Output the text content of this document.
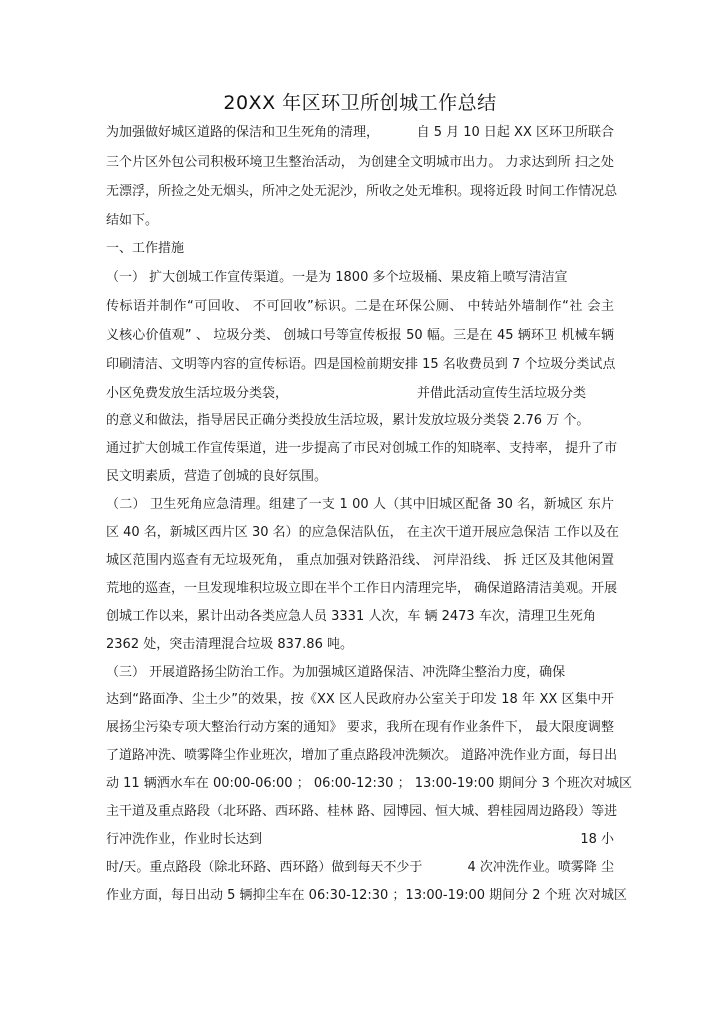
20XX 年区环卫所创城工作总结
为加强做好城区道路的保洁和卫生死角的清理，	自 5 月 10 日起 XX 区环卫所联合
三个片区外包公司积极环境卫生整治活动， 为创建全文明城市出力。 力求达到所 扫之处
无漂浮，所捡之处无烟头，所冲之处无泥沙，所收之处无堆积。现将近段 时间工作情况总
结如下。
一、工作措施
（一） 扩大创城工作宣传渠道。一是为 1800 多个垃圾桶、果皮箱上喷写清洁宣
传标语并制作“可回收、 不可回收”标识。二是在环保公厕、 中转站外墙制作“社 会主
义核心价值观” 、 垃圾分类、 创城口号等宣传板报 50 幅。三是在 45 辆环卫 机械车辆
印刷清洁、文明等内容的宣传标语。四是国检前期安排 15 名收费员到 7 个垃圾分类试点
小区免费发放生活垃圾分类袋，	并借此活动宣传生活垃圾分类
的意义和做法，指导居民正确分类投放生活垃圾，累计发放垃圾分类袋 2.76 万 个。
通过扩大创城工作宣传渠道，进一步提高了市民对创城工作的知晓率、支持率， 提升了市
民文明素质，营造了创城的良好氛围。
（二） 卫生死角应急清理。组建了一支 1 00 人（其中旧城区配备 30 名，新城区 东片
区 40 名，新城区西片区 30 名）的应急保洁队伍， 在主次干道开展应急保洁 工作以及在
城区范围内巡查有无垃圾死角， 重点加强对铁路沿线、 河岸沿线、 拆 迁区及其他闲置
荒地的巡查，一旦发现堆积垃圾立即在半个工作日内清理完毕， 确保道路清洁美观。开展
创城工作以来，累计出动各类应急人员 3331 人次，车 辆 2473 车次，清理卫生死角
2362 处，突击清理混合垃圾 837.86 吨。
（三） 开展道路扬尘防治工作。为加强城区道路保洁、冲洗降尘整治力度，确保
达到“路面净、尘土少”的效果，按《XX 区人民政府办公室关于印发 18 年 XX 区集中开
展扬尘污染专项大整治行动方案的通知》 要求，我所在现有作业条件下， 最大限度调整
了道路冲洗、喷雾降尘作业班次，增加了重点路段冲洗频次。 道路冲洗作业方面，每日出
动 11 辆洒水车在 00:00-06:00 ； 06:00-12:30 ； 13:00-19:00 期间分 3 个班次对城区
主干道及重点路段（北环路、西环路、桂林 路、园博园、恒大城、碧桂园周边路段）等进
行冲洗作业，作业时长达到	18 小
时/天。重点路段（除北环路、西环路）做到每天不少于	4 次冲洗作业。喷雾降 尘
作业方面，每日出动 5 辆抑尘车在 06:30-12:30 ；13:00-19:00 期间分 2 个班 次对城区
